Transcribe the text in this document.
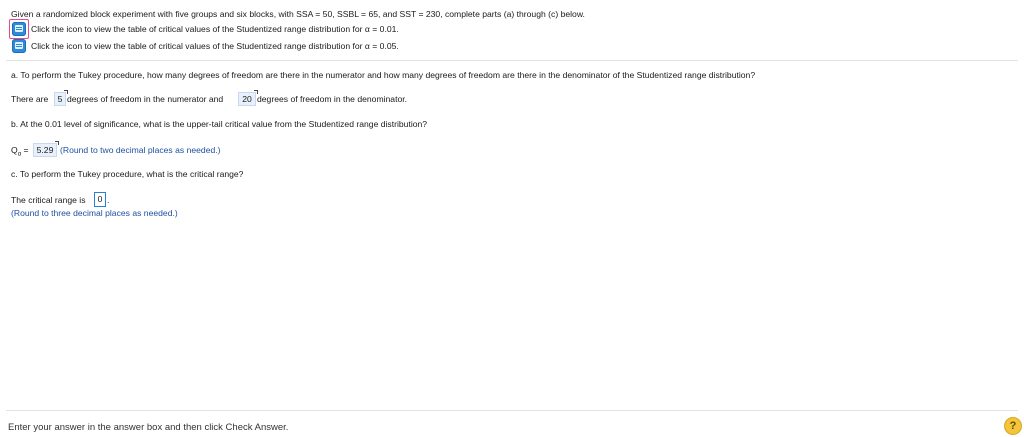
Given a randomized block experiment with five groups and six blocks, with SSA = 50, SSBL = 65, and SST = 230, complete parts (a) through (c) below.
Click the icon to view the table of critical values of the Studentized range distribution for α = 0.01.
Click the icon to view the table of critical values of the Studentized range distribution for α = 0.05.
a. To perform the Tukey procedure, how many degrees of freedom are there in the numerator and how many degrees of freedom are there in the denominator of the Studentized range distribution?
There are	5 degrees of freedom in the numerator and	20 degrees of freedom in the denominator.
b. At the 0.01 level of significance, what is the upper-tail critical value from the Studentized range distribution?
$Q_\alpha = 5.29$ (Round to two decimal places as needed.)
c. To perform the Tukey procedure, what is the critical range?
The critical range is	0 .
(Round to three decimal places as needed.)
Enter your answer in the answer box and then click Check Answer.	?
